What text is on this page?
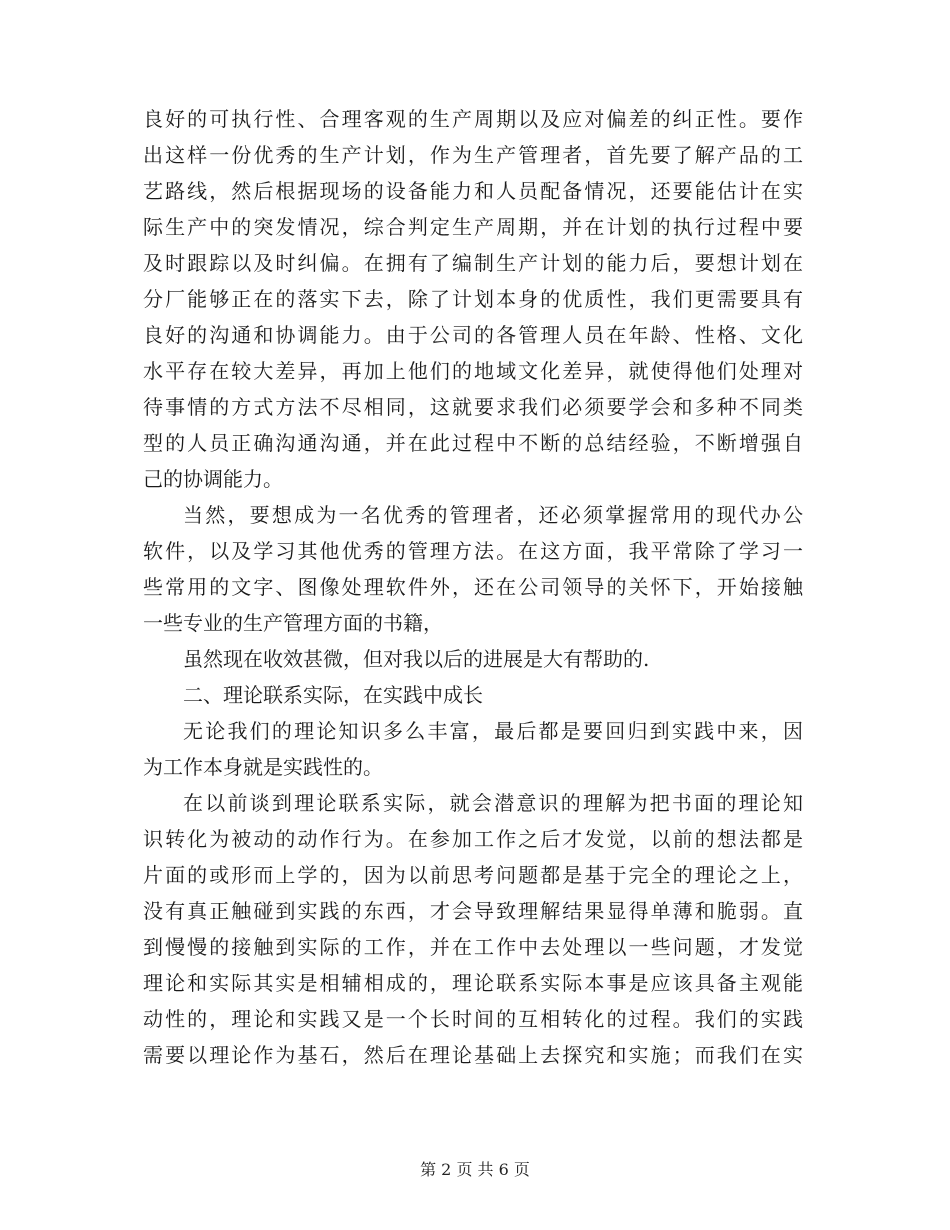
良好的可执行性、合理客观的生产周期以及应对偏差的纠正性。要作
出这样一份优秀的生产计划，作为生产管理者，首先要了解产品的工
艺路线，然后根据现场的设备能力和人员配备情况，还要能估计在实
际生产中的突发情况，综合判定生产周期，并在计划的执行过程中要
及时跟踪以及时纠偏。在拥有了编制生产计划的能力后，要想计划在
分厂能够正在的落实下去，除了计划本身的优质性，我们更需要具有
良好的沟通和协调能力。由于公司的各管理人员在年龄、性格、文化
水平存在较大差异，再加上他们的地域文化差异，就使得他们处理对
待事情的方式方法不尽相同，这就要求我们必须要学会和多种不同类
型的人员正确沟通沟通，并在此过程中不断的总结经验，不断增强自
己的协调能力。
当然，要想成为一名优秀的管理者，还必须掌握常用的现代办公
软件，以及学习其他优秀的管理方法。在这方面，我平常除了学习一
些常用的文字、图像处理软件外，还在公司领导的关怀下，开始接触
一些专业的生产管理方面的书籍，
虽然现在收效甚微，但对我以后的进展是大有帮助的.
二、理论联系实际，在实践中成长
无论我们的理论知识多么丰富，最后都是要回归到实践中来，因
为工作本身就是实践性的。
在以前谈到理论联系实际，就会潜意识的理解为把书面的理论知
识转化为被动的动作行为。在参加工作之后才发觉，以前的想法都是
片面的或形而上学的，因为以前思考问题都是基于完全的理论之上，
没有真正触碰到实践的东西，才会导致理解结果显得单薄和脆弱。直
到慢慢的接触到实际的工作，并在工作中去处理以一些问题，才发觉
理论和实际其实是相辅相成的，理论联系实际本事是应该具备主观能
动性的，理论和实践又是一个长时间的互相转化的过程。我们的实践
需要以理论作为基石，然后在理论基础上去探究和实施；而我们在实
第 2 页 共 6 页
